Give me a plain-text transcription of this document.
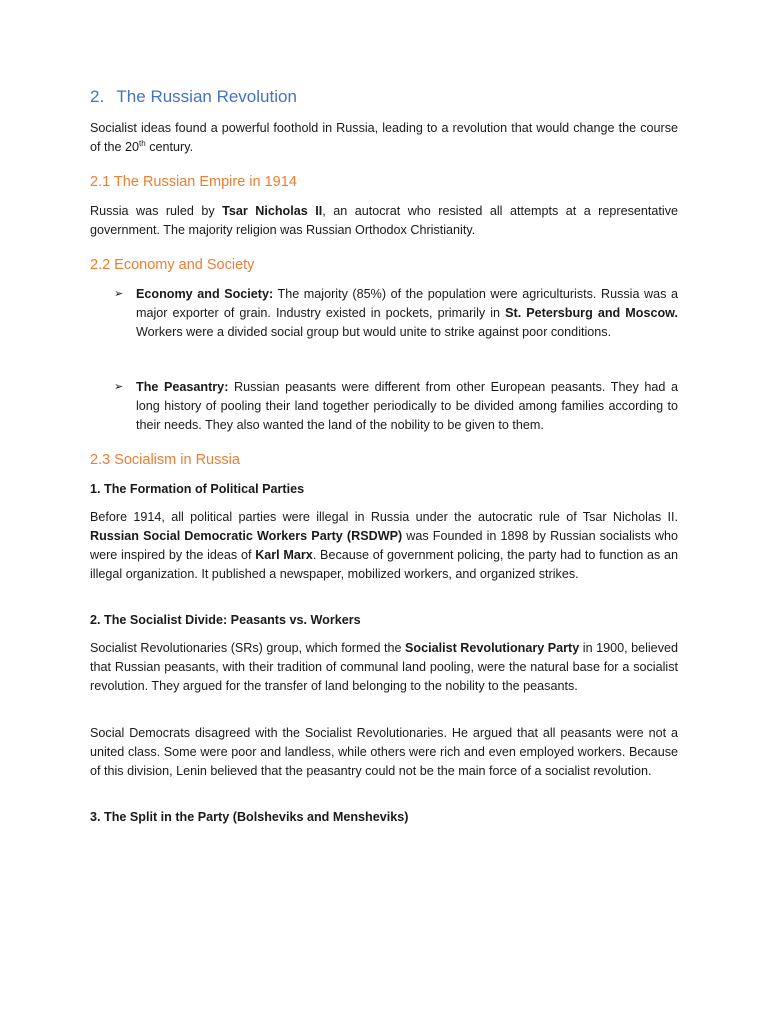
2. The Russian Revolution

Socialist ideas found a powerful foothold in Russia, leading to a revolution that would change the course of the 20th century.

2.1 The Russian Empire in 1914

Russia was ruled by Tsar Nicholas II, an autocrat who resisted all attempts at a representative government. The majority religion was Russian Orthodox Christianity.

2.2 Economy and Society
➢	Economy and Society: The majority (85%) of the population were agriculturists. Russia was a major exporter of grain. Industry existed in pockets, primarily in St. Petersburg and Moscow. Workers were a divided social group but would unite to strike against poor conditions.

➢	The Peasantry: Russian peasants were different from other European peasants. They had a long history of pooling their land together periodically to be divided among families according to their needs. They also wanted the land of the nobility to be given to them.

2.3 Socialism in Russia
1. The Formation of Political Parties

Before 1914, all political parties were illegal in Russia under the autocratic rule of Tsar Nicholas II. Russian Social Democratic Workers Party (RSDWP) was Founded in 1898 by Russian socialists who were inspired by the ideas of Karl Marx. Because of government policing, the party had to function as an illegal organization. It published a newspaper, mobilized workers, and organized strikes.

2. The Socialist Divide: Peasants vs. Workers

Socialist Revolutionaries (SRs) group, which formed the Socialist Revolutionary Party in 1900, believed that Russian peasants, with their tradition of communal land pooling, were the natural base for a socialist revolution. They argued for the transfer of land belonging to the nobility to the peasants.

Social Democrats disagreed with the Socialist Revolutionaries. He argued that all peasants were not a united class. Some were poor and landless, while others were rich and even employed workers. Because of this division, Lenin believed that the peasantry could not be the main force of a socialist revolution.

3. The Split in the Party (Bolsheviks and Mensheviks)
